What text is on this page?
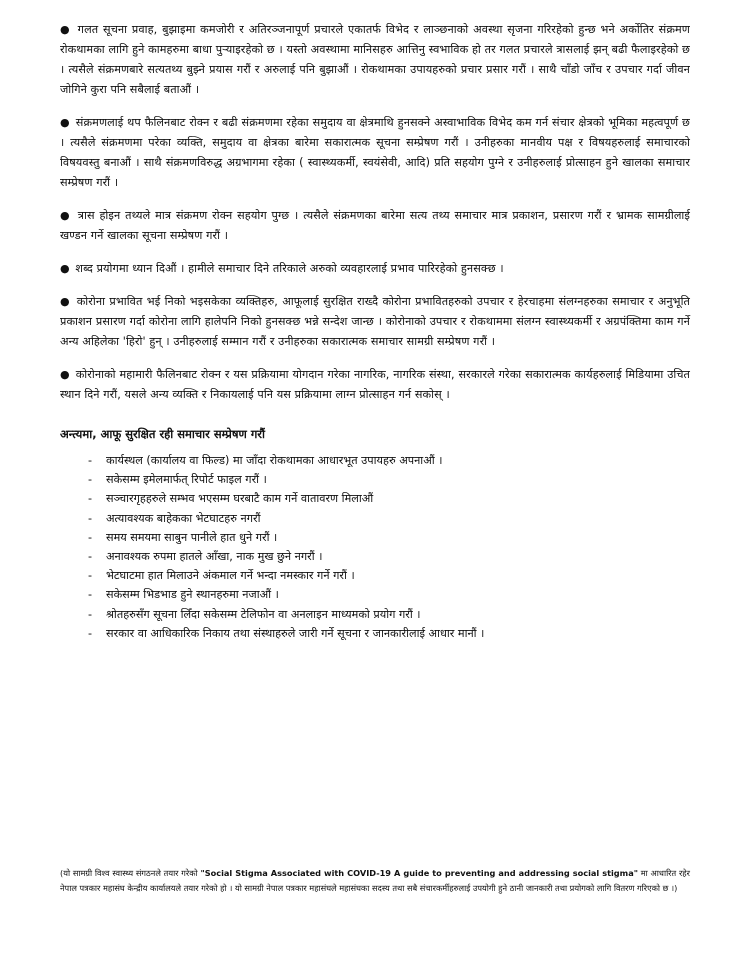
● गलत सूचना प्रवाह, बुझाइमा कमजोरी र अतिरञ्जनापूर्ण प्रचारले एकातर्फ विभेद र लाञ्छनाको अवस्था सृजना गरिरहेको हुन्छ भने अर्कोतिर संक्रमण रोकथामका लागि हुने कामहरुमा बाधा पुऱ्याइरहेको छ । यस्तो अवस्थामा मानिसहरु आत्तिनु स्वभाविक हो तर गलत प्रचारले त्रासलाई झन् बढी फैलाइरहेको छ । त्यसैले संक्रमणबारे सत्यतथ्य बुझ्ने प्रयास गरौं र अरुलाई पनि बुझाऔं । रोकथामका उपायहरुको प्रचार प्रसार गरौं । साथै चाँडो जाँच र उपचार गर्दा जीवन जोगिने कुरा पनि सबैलाई बताऔं ।

● संक्रमणलाई थप फैलिनबाट रोक्न र बढी संक्रमणमा रहेका समुदाय वा क्षेत्रमाथि हुनसक्ने अस्वाभाविक विभेद कम गर्न संचार क्षेत्रको भूमिका महत्वपूर्ण छ । त्यसैले संक्रमणमा परेका व्यक्ति, समुदाय वा क्षेत्रका बारेमा सकारात्मक सूचना सम्प्रेषण गरौं । उनीहरुका मानवीय पक्ष र विषयहरुलाई समाचारको विषयवस्तु बनाऔं । साथै संक्रमणविरुद्ध अग्रभागमा रहेका ( स्वास्थ्यकर्मी, स्वयंसेवी, आदि) प्रति सहयोग पुग्ने र उनीहरुलाई प्रोत्साहन हुने खालका समाचार सम्प्रेषण गरौं ।

● त्रास होइन तथ्यले मात्र संक्रमण रोक्न सहयोग पुग्छ । त्यसैले संक्रमणका बारेमा सत्य तथ्य समाचार मात्र प्रकाशन, प्रसारण गरौं र भ्रामक सामग्रीलाई खण्डन गर्ने खालका सूचना सम्प्रेषण गरौं ।

● शब्द प्रयोगमा ध्यान दिऔं । हामीले समाचार दिने तरिकाले अरुको व्यवहारलाई प्रभाव पारिरहेको हुनसक्छ ।

● कोरोना प्रभावित भई निको भइसकेका व्यक्तिहरु, आफूलाई सुरक्षित राख्दै कोरोना प्रभावितहरुको उपचार र हेरचाहमा संलग्नहरुका समाचार र अनुभूति प्रकाशन प्रसारण गर्दा कोरोना लागि हालेपनि निको हुनसक्छ भन्ने सन्देश जान्छ । कोरोनाको उपचार र रोकथाममा संलग्न स्वास्थ्यकर्मी र अग्रपंक्तिमा काम गर्ने अन्य अहिलेका 'हिरो' हुन् । उनीहरुलाई सम्मान गरौं र उनीहरुका सकारात्मक समाचार सामग्री सम्प्रेषण गरौं ।

● कोरोनाको महामारी फैलिनबाट रोक्न र यस प्रक्रियामा योगदान गरेका नागरिक, नागरिक संस्था, सरकारले गरेका सकारात्मक कार्यहरुलाई मिडियामा उचित स्थान दिने गरौं, यसले अन्य व्यक्ति र निकायलाई पनि यस प्रक्रियामा लाग्न प्रोत्साहन गर्न सकोस् ।

अन्त्यमा, आफू सुरक्षित रही समाचार सम्प्रेषण गरौं
- कार्यस्थल (कार्यालय वा फिल्ड) मा जाँदा रोकथामका आधारभूत उपायहरु अपनाऔं ।
- सकेसम्म इमेलमार्फत् रिपोर्ट फाइल गरौं ।
- सञ्चारगृहहरुले सम्भव भएसम्म घरबाटै काम गर्ने वातावरण मिलाऔं
- अत्यावश्यक बाहेकका भेटघाटहरु नगरौं
- समय समयमा साबुन पानीले हात धुने गरौं ।
- अनावश्यक रुपमा हातले आँखा, नाक मुख छुने नगरौं ।
- भेटघाटमा हात मिलाउने अंकमाल गर्ने भन्दा नमस्कार गर्ने गरौं ।
- सकेसम्म भिडभाड हुने स्थानहरुमा नजाऔं ।
- श्रोतहरुसँग सूचना लिँदा सकेसम्म टेलिफोन वा अनलाइन माध्यमको प्रयोग गरौं ।
- सरकार वा आधिकारिक निकाय तथा संस्थाहरुले जारी गर्ने सूचना र जानकारीलाई आधार मानौं ।
(यो सामग्री विश्व स्वास्थ्य संगठनले तयार गरेको "Social Stigma Associated with COVID-19 A guide to preventing and addressing social stigma" मा आधारित रहेर नेपाल पत्रकार महासंघ केन्द्रीय कार्यालयले तयार गरेको हो । यो सामग्री नेपाल पत्रकार महासंघले महासंघका सदस्य तथा सबै संचारकर्मीहरुलाई उपयोगी हुने ठानी जानकारी तथा प्रयोगको लागि वितरण गरिएको छ ।)
